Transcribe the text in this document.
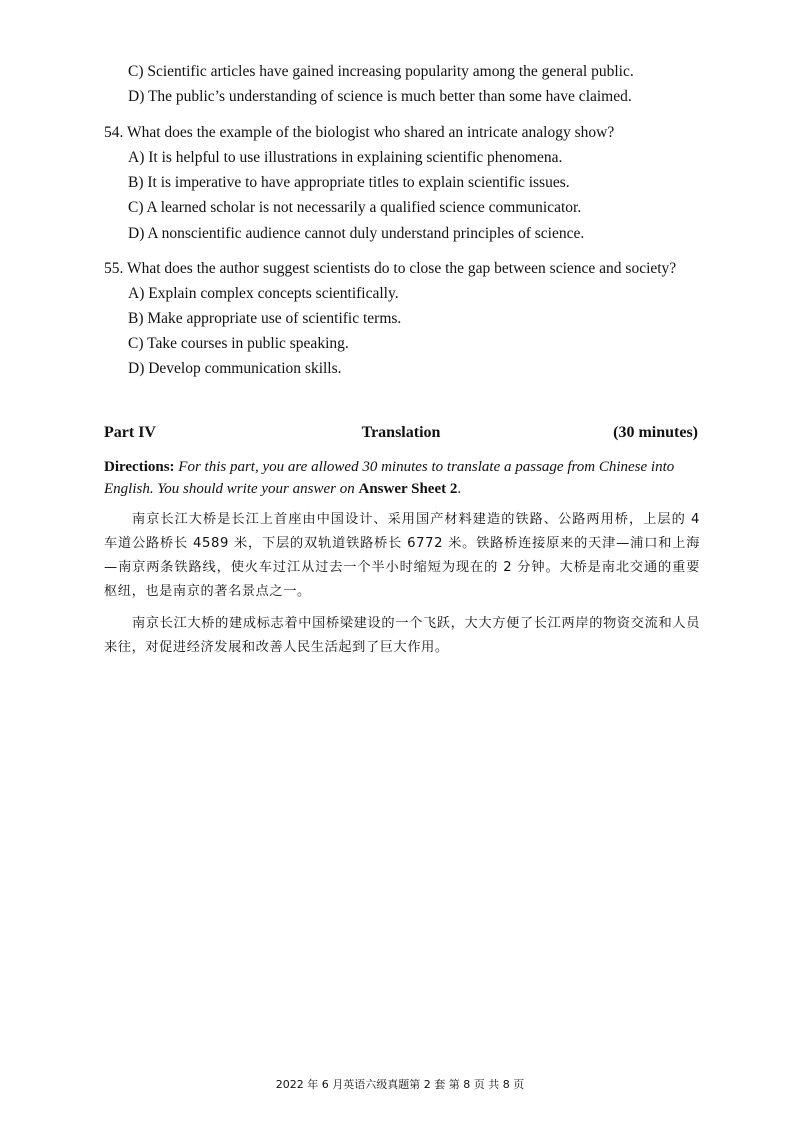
C) Scientific articles have gained increasing popularity among the general public.
D) The public’s understanding of science is much better than some have claimed.
54. What does the example of the biologist who shared an intricate analogy show?
A) It is helpful to use illustrations in explaining scientific phenomena.
B) It is imperative to have appropriate titles to explain scientific issues.
C) A learned scholar is not necessarily a qualified science communicator.
D) A nonscientific audience cannot duly understand principles of science.
55. What does the author suggest scientists do to close the gap between science and society?
A) Explain complex concepts scientifically.
B) Make appropriate use of scientific terms.
C) Take courses in public speaking.
D) Develop communication skills.
Translation
Part IV	(30 minutes)
Directions: For this part, you are allowed 30 minutes to translate a passage from Chinese into English. You should write your answer on Answer Sheet 2.
南京长江大桥是长江上首座由中国设计、采用国产材料建造的铁路、公路两用桥，上层的 4 车道公路桥长 4589 米，下层的双轨道铁路桥长 6772 米。铁路桥连接原来的天津—浦口和上海—南京两条铁路线，使火车过江从过去一个半小时缩短为现在的 2 分钟。大桥是南北交通的重要枢纽，也是南京的著名景点之一。
南京长江大桥的建成标志着中国桥梁建设的一个飞跃，大大方便了长江两岸的物资交流和人员来往，对促进经济发展和改善人民生活起到了巨大作用。
2022 年 6 月英语六级真题第 2 套 第 8 页 共 8 页
